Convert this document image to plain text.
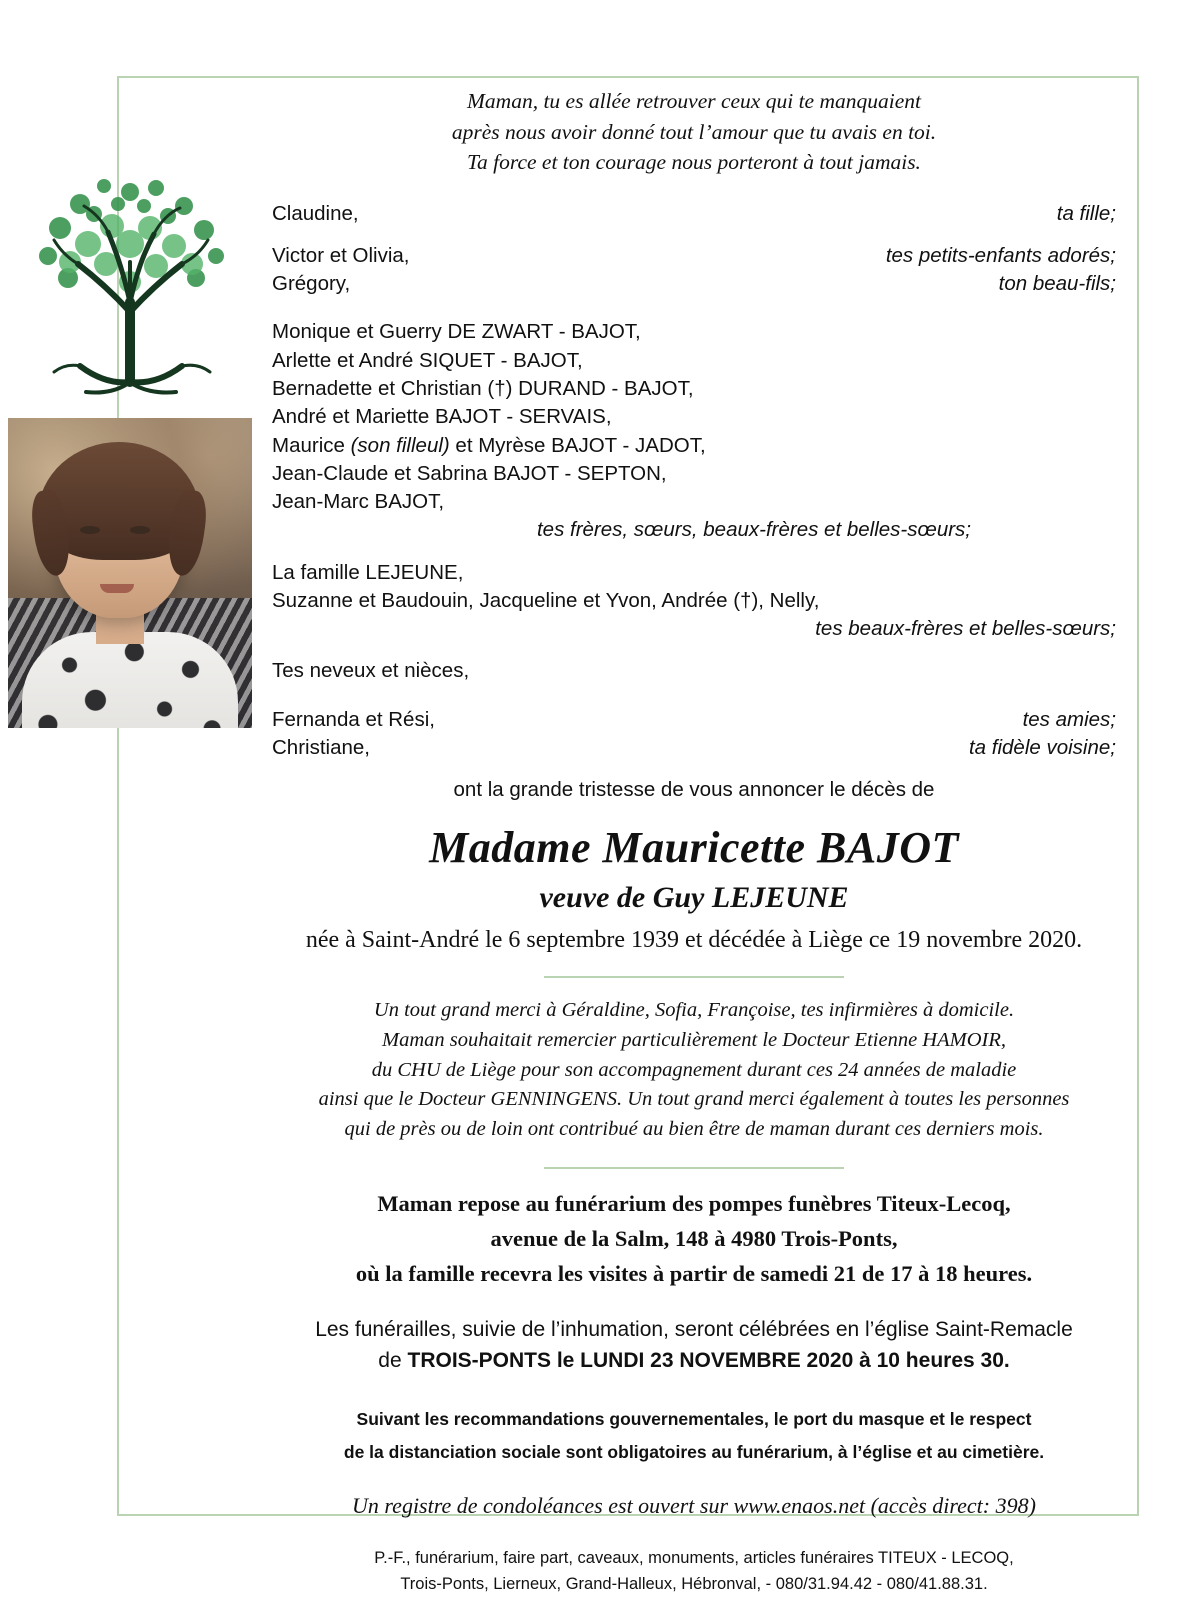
Maman, tu es allée retrouver ceux qui te manquaient
après nous avoir donné tout l’amour que tu avais en toi.
Ta force et ton courage nous porteront à tout jamais.
Claudine,	ta fille;
Victor et Olivia,	tes petits-enfants adorés;
Grégory,	ton beau-fils;
Monique et Guerry DE ZWART - BAJOT,
Arlette et André SIQUET - BAJOT,
Bernadette et Christian (†) DURAND - BAJOT,
André et Mariette BAJOT - SERVAIS,
Maurice (son filleul) et Myrèse BAJOT - JADOT,
Jean-Claude et Sabrina BAJOT - SEPTON,
Jean-Marc BAJOT,
tes frères, sœurs, beaux-frères et belles-sœurs;
La famille LEJEUNE,
Suzanne et Baudouin, Jacqueline et Yvon, Andrée (†), Nelly,
tes beaux-frères et belles-sœurs;
Tes neveux et nièces,
Fernanda et Rési,	tes amies;
Christiane,	ta fidèle voisine;
ont la grande tristesse de vous annoncer le décès de
Madame Mauricette BAJOT
veuve de Guy LEJEUNE
née à Saint-André le 6 septembre 1939 et décédée à Liège ce 19 novembre 2020.
Un tout grand merci à Géraldine, Sofia, Françoise, tes infirmières à domicile.
Maman souhaitait remercier particulièrement le Docteur Etienne HAMOIR,
du CHU de Liège pour son accompagnement durant ces 24 années de maladie
ainsi que le Docteur GENNINGENS. Un tout grand merci également à toutes les personnes
qui de près ou de loin ont contribué au bien être de maman durant ces derniers mois.
Maman repose au funérarium des pompes funèbres Titeux-Lecoq,
avenue de la Salm, 148 à 4980 Trois-Ponts,
où la famille recevra les visites à partir de samedi 21 de 17 à 18 heures.
Les funérailles, suivie de l’inhumation, seront célébrées en l’église Saint-Remacle
de TROIS-PONTS le LUNDI 23 NOVEMBRE 2020 à 10 heures 30.
Suivant les recommandations gouvernementales, le port du masque et le respect
de la distanciation sociale sont obligatoires au funérarium, à l’église et au cimetière.
Un registre de condoléances est ouvert sur www.enaos.net (accès direct: 398)
P.-F., funérarium, faire part, caveaux, monuments, articles funéraires TITEUX - LECOQ,
Trois-Ponts, Lierneux, Grand-Halleux, Hébronval, - 080/31.94.42 - 080/41.88.31.
